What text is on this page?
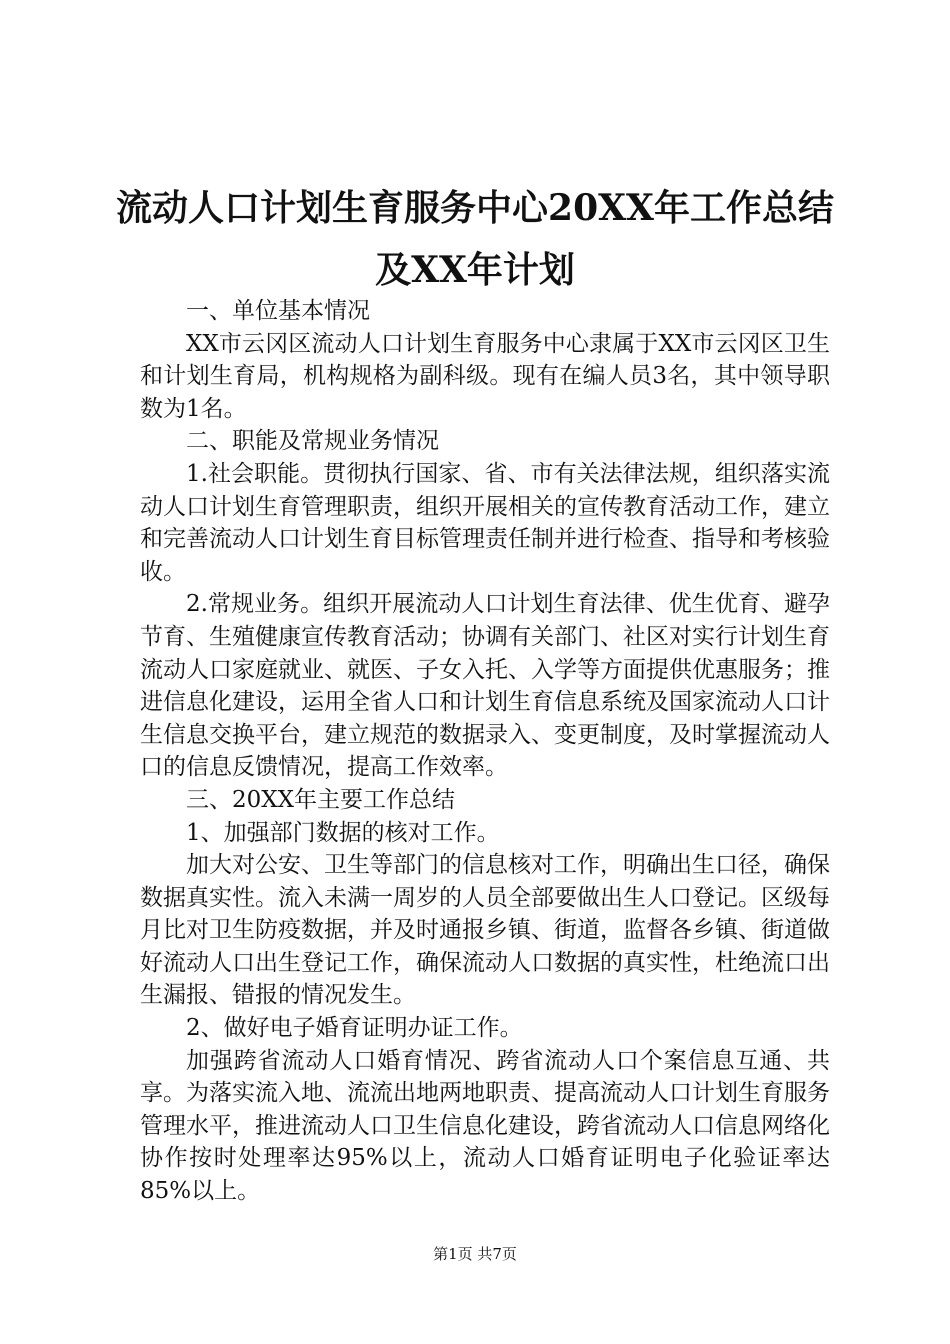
流动人口计划生育服务中心20XX年工作总结
及XX年计划

一、单位基本情况

XX市云冈区流动人口计划生育服务中心隶属于XX市云冈区卫生和计划生育局，机构规格为副科级。现有在编人员3名，其中领导职数为1名。

二、职能及常规业务情况

1.社会职能。贯彻执行国家、省、市有关法律法规，组织落实流动人口计划生育管理职责，组织开展相关的宣传教育活动工作，建立和完善流动人口计划生育目标管理责任制并进行检查、指导和考核验收。

2.常规业务。组织开展流动人口计划生育法律、优生优育、避孕节育、生殖健康宣传教育活动；协调有关部门、社区对实行计划生育流动人口家庭就业、就医、子女入托、入学等方面提供优惠服务；推进信息化建设，运用全省人口和计划生育信息系统及国家流动人口计生信息交换平台，建立规范的数据录入、变更制度，及时掌握流动人口的信息反馈情况，提高工作效率。

三、20XX年主要工作总结

1、加强部门数据的核对工作。

加大对公安、卫生等部门的信息核对工作，明确出生口径，确保数据真实性。流入未满一周岁的人员全部要做出生人口登记。区级每月比对卫生防疫数据，并及时通报乡镇、街道，监督各乡镇、街道做好流动人口出生登记工作，确保流动人口数据的真实性，杜绝流口出生漏报、错报的情况发生。

2、做好电子婚育证明办证工作。

加强跨省流动人口婚育情况、跨省流动人口个案信息互通、共享。为落实流入地、流流出地两地职责、提高流动人口计划生育服务管理水平，推进流动人口卫生信息化建设，跨省流动人口信息网络化协作按时处理率达95%以上，流动人口婚育证明电子化验证率达85%以上。

第1页 共7页
